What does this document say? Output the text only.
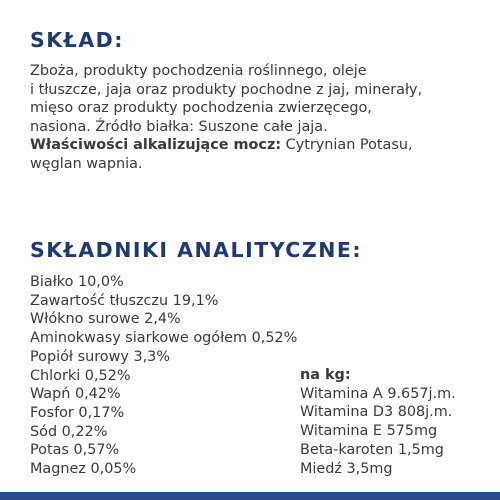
SKŁAD:
Zboża, produkty pochodzenia roślinnego, oleje
i tłuszcze, jaja oraz produkty pochodne z jaj, minerały,
mięso oraz produkty pochodzenia zwierzęcego,
nasiona. Źródło białka: Suszone całe jaja.
Właściwości alkalizujące mocz: Cytrynian Potasu,
węglan wapnia.
SKŁADNIKI ANALITYCZNE:
Białko 10,0%
Zawartość tłuszczu 19,1%
Włókno surowe 2,4%
Aminokwasy siarkowe ogółem 0,52%
Popiół surowy 3,3%
Chlorki 0,52%
Wapń 0,42%
Fosfor 0,17%
Sód 0,22%
Potas 0,57%
Magnez 0,05%
na kg:
Witamina A 9.657j.m.
Witamina D3 808j.m.
Witamina E 575mg
Beta-karoten 1,5mg
Miedź 3,5mg
